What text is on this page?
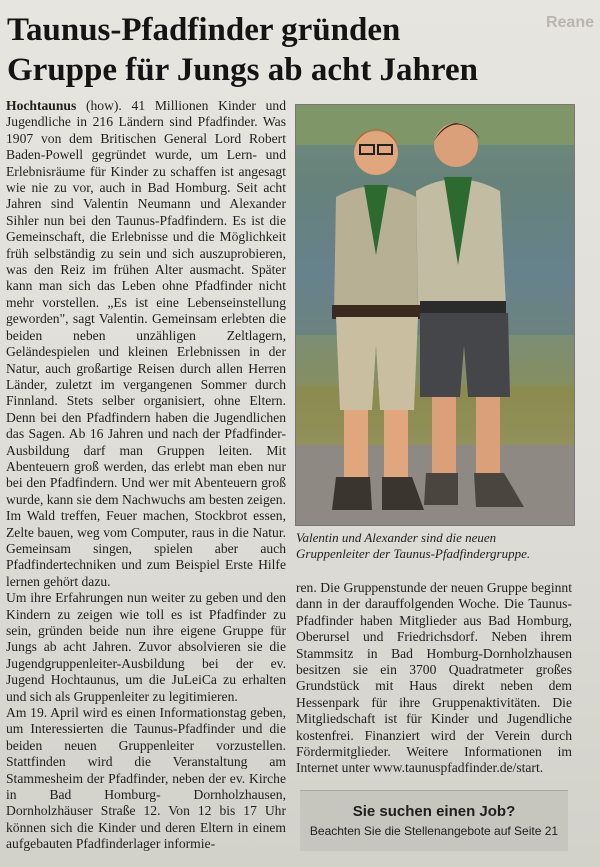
Reane
Taunus-Pfadfinder gründen
Gruppe für Jungs ab acht Jahren

Hochtaunus (how). 41 Millionen Kinder und Jugendliche in 216 Ländern sind Pfadfinder. Was 1907 von dem Britischen General Lord Robert Baden-Powell gegründet wurde, um Lern- und Erlebnisräume für Kinder zu schaffen ist angesagt wie nie zu vor, auch in Bad Homburg. Seit acht Jahren sind Valentin Neumann und Alexander Sihler nun bei den Taunus-Pfadfindern. Es ist die Gemeinschaft, die Erlebnisse und die Möglichkeit früh selbständig zu sein und sich auszuprobieren, was den Reiz im frühen Alter ausmacht. Später kann man sich das Leben ohne Pfadfinder nicht mehr vorstellen. „Es ist eine Lebenseinstellung geworden", sagt Valentin. Gemeinsam erlebten die beiden neben unzähligen Zeltlagern, Geländespielen und kleinen Erlebnissen in der Natur, auch großartige Reisen durch allen Herren Länder, zuletzt im vergangenen Sommer durch Finnland. Stets selber organisiert, ohne Eltern. Denn bei den Pfadfindern haben die Jugendlichen das Sagen. Ab 16 Jahren und nach der Pfadfinder-Ausbildung darf man Gruppen leiten. Mit Abenteuern groß werden, das erlebt man eben nur bei den Pfadfindern. Und wer mit Abenteuern groß wurde, kann sie dem Nachwuchs am besten zeigen. Im Wald treffen, Feuer machen, Stockbrot essen, Zelte bauen, weg vom Computer, raus in die Natur. Gemeinsam singen, spielen aber auch Pfadfindertechniken und zum Beispiel Erste Hilfe lernen gehört dazu.

Um ihre Erfahrungen nun weiter zu geben und den Kindern zu zeigen wie toll es ist Pfadfinder zu sein, gründen beide nun ihre eigene Gruppe für Jungs ab acht Jahren. Zuvor absolvieren sie die Jugendgruppenleiter-Ausbildung bei der ev. Jugend Hochtaunus, um die JuLeiCa zu erhalten und sich als Gruppenleiter zu legitimieren.

Am 19. April wird es einen Informationstag geben, um Interessierten die Taunus-Pfadfinder und die beiden neuen Gruppenleiter vorzustellen. Stattfinden wird die Veranstaltung am Stammesheim der Pfadfinder, neben der ev. Kirche in Bad Homburg- Dornholzhausen, Dornholzhäuser Straße 12. Von 12 bis 17 Uhr können sich die Kinder und deren Eltern in einem aufgebauten Pfadfinderlager informie-

Valentin und Alexander sind die neuen Gruppenleiter der Taunus-Pfadfindergruppe.

ren. Die Gruppenstunde der neuen Gruppe beginnt dann in der darauffolgenden Woche. Die Taunus-Pfadfinder haben Mitglieder aus Bad Homburg, Oberursel und Friedrichsdorf. Neben ihrem Stammsitz in Bad Homburg-Dornholzhausen besitzen sie ein 3700 Quadratmeter großes Grundstück mit Haus direkt neben dem Hessenpark für ihre Gruppenaktivitäten. Die Mitgliedschaft ist für Kinder und Jugendliche kostenfrei. Finanziert wird der Verein durch Fördermitglieder. Weitere Informationen im Internet unter www.taunuspfadfinder.de/start.

Sie suchen einen Job?
Beachten Sie die Stellenangebote auf Seite 21
